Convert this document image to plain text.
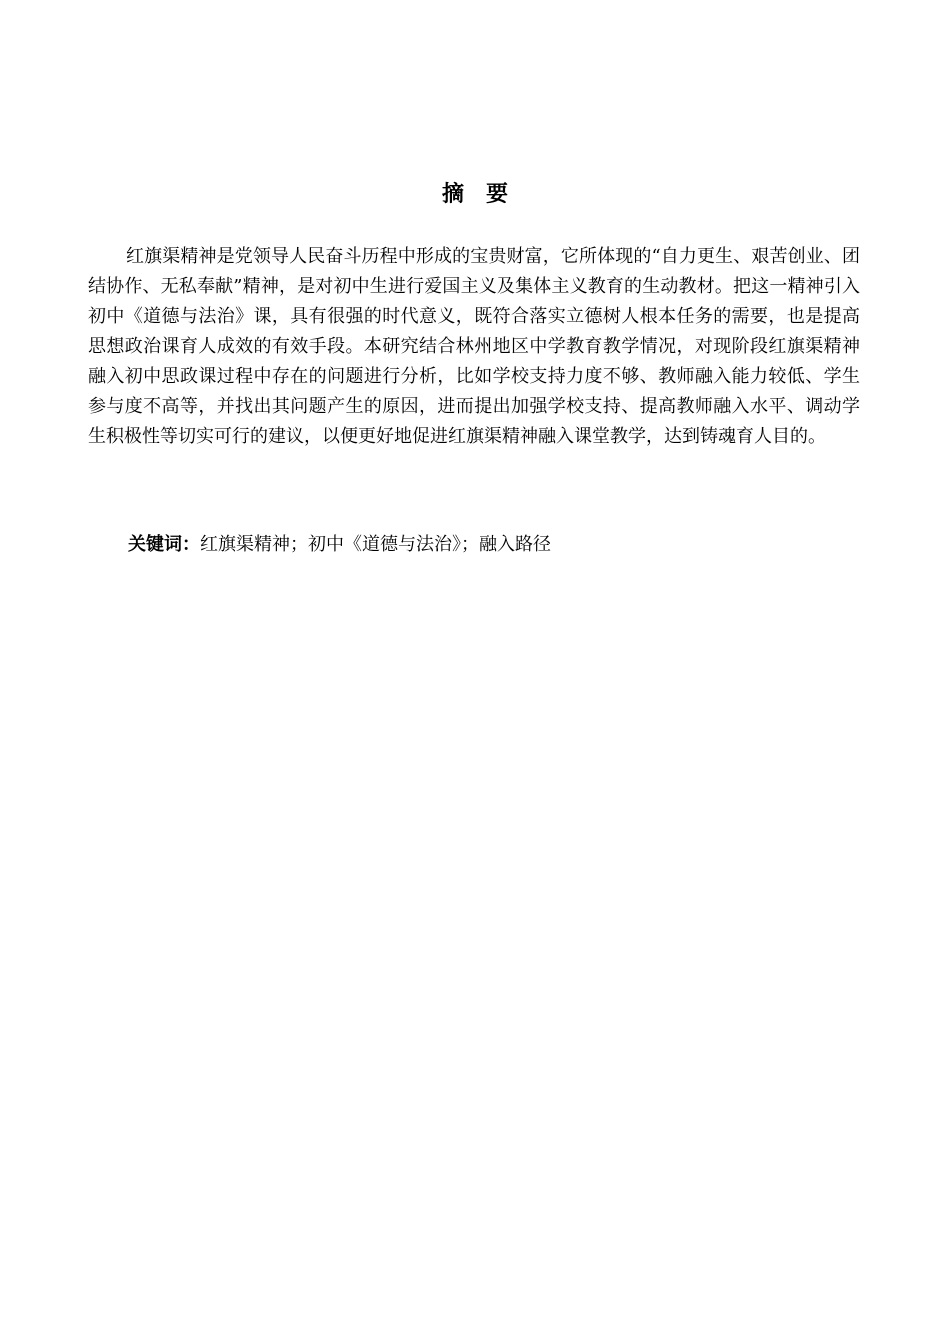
摘要

红旗渠精神是党领导人民奋斗历程中形成的宝贵财富，它所体现的“自力更生、艰苦创业、团结协作、无私奉献”精神，是对初中生进行爱国主义及集体主义教育的生动教材。把这一精神引入初中《道德与法治》课，具有很强的时代意义，既符合落实立德树人根本任务的需要，也是提高思想政治课育人成效的有效手段。本研究结合林州地区中学教育教学情况，对现阶段红旗渠精神融入初中思政课过程中存在的问题进行分析，比如学校支持力度不够、教师融入能力较低、学生参与度不高等，并找出其问题产生的原因，进而提出加强学校支持、提高教师融入水平、调动学生积极性等切实可行的建议，以便更好地促进红旗渠精神融入课堂教学，达到铸魂育人目的。

关键词：红旗渠精神；初中《道德与法治》；融入路径
